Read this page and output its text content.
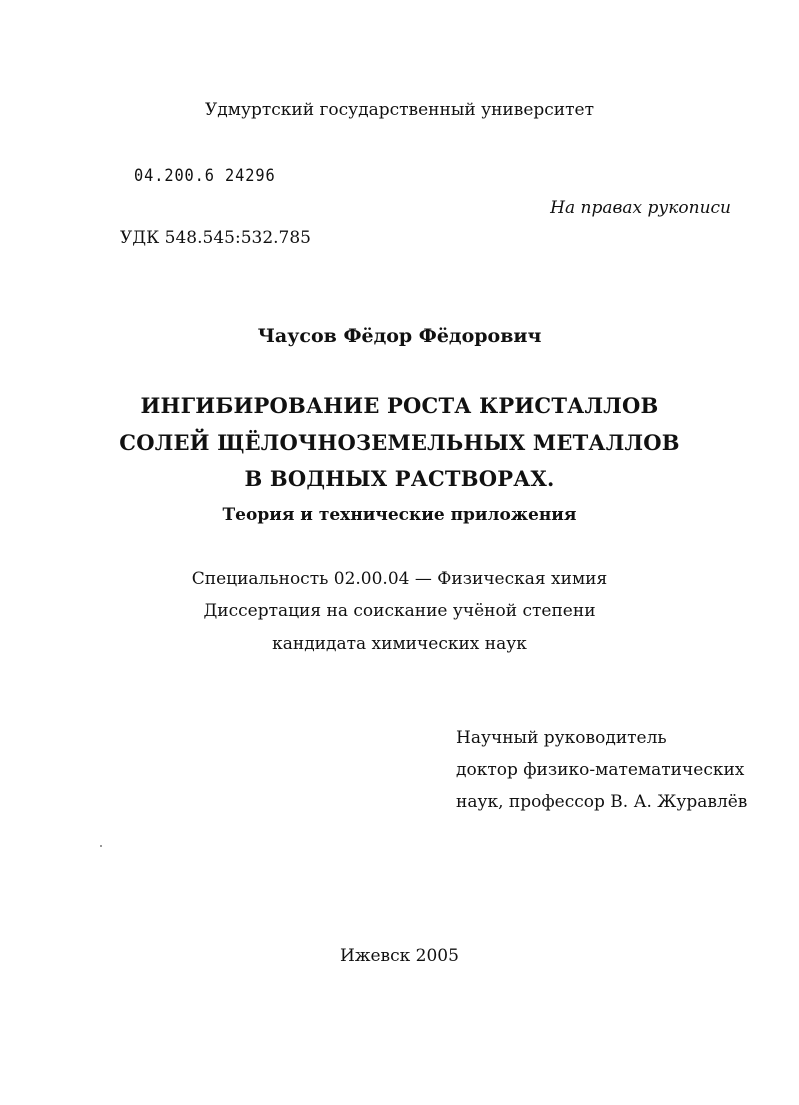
Удмуртский государственный университет
04.200.6 24296
На правах рукописи
УДК 548.545:532.785
Чаусов Фёдор Фёдорович
ИНГИБИРОВАНИЕ РОСТА КРИСТАЛЛОВ
СОЛЕЙ ЩЁЛОЧНОЗЕМЕЛЬНЫХ МЕТАЛЛОВ
В ВОДНЫХ РАСТВОРАХ.
Теория и технические приложения
Специальность 02.00.04 — Физическая химия
Диссертация на соискание учёной степени
кандидата химических наук
Научный руководитель
доктор физико-математических
наук, профессор В. А. Журавлёв
Ижевск 2005
